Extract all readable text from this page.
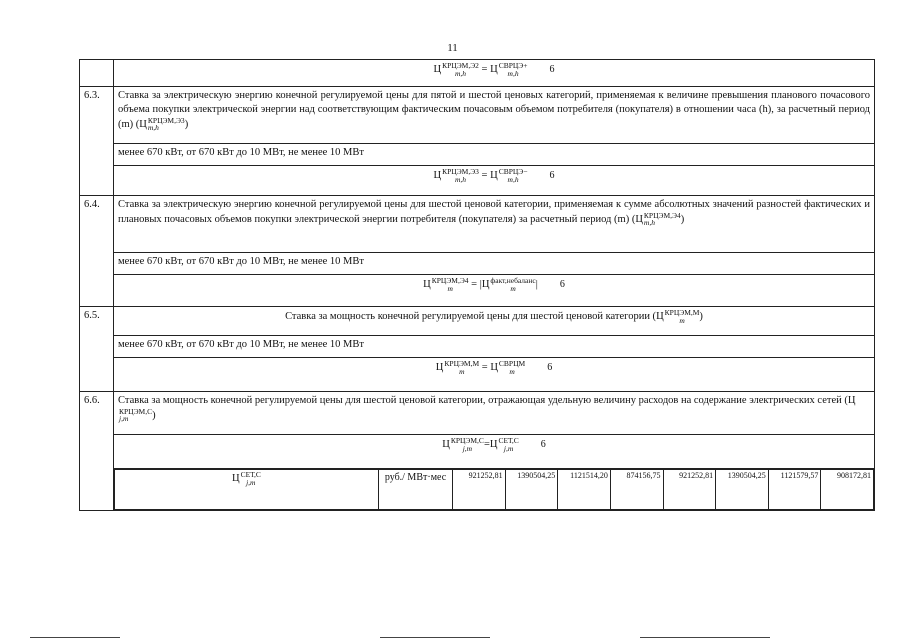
11
	Ц КРЦЭМ,Э2
m,h	= Ц СВРЦЭ+
m,h	6
6.3.	Ставка за электрическую энергию конечной регулируемой цены для пятой и шестой ценовых категорий, применяемая к величине превышения планового почасового объема покупки электрической энергии над соответствующим фактическим почасовым объемом потребителя (покупателя) в отношении часа (h), за расчетный период (m) (Ц КРЦЭМ,Э3
m,h	)
менее 670 кВт, от 670 кВт до 10 МВт, не менее 10 МВт
Ц КРЦЭМ,Э3
m,h	= Ц СВРЦЭ−
m,h	6
6.4.	Ставка за электрическую энергию конечной регулируемой цены для шестой ценовой категории, применяемая к сумме абсолютных значений разностей фактических и плановых почасовых объемов покупки электрической энергии потребителя (покупателя) за расчетный период (m) (Ц КРЦЭМ,Э4
m,h	)
менее 670 кВт, от 670 кВт до 10 МВт, не менее 10 МВт
Ц КРЦЭМ,Э4
m	= |Ц факт,небаланс
m	| 6
6.5.	Ставка за мощность конечной регулируемой цены для шестой ценовой категории (Ц КРЦЭМ,М
m	)
менее 670 кВт, от 670 кВт до 10 МВт, не менее 10 МВт
Ц КРЦЭМ,М
m	= Ц СВРЦМ
m	6
6.6.	Ставка за мощность конечной регулируемой цены для шестой ценовой категории, отражающая удельную величину расходов на содержание электрических сетей (Ц
КРЦЭМ,С
j,m	)
Ц КРЦЭМ,С
j,m	=Ц СЕТ,С
j,m	6

Ц СЕТ,С
j,m	руб./ МВт·мес	921252,81	1390504,25	1121514,20	874156,75	921252,81	1390504,25	1121579,57	908172,81
